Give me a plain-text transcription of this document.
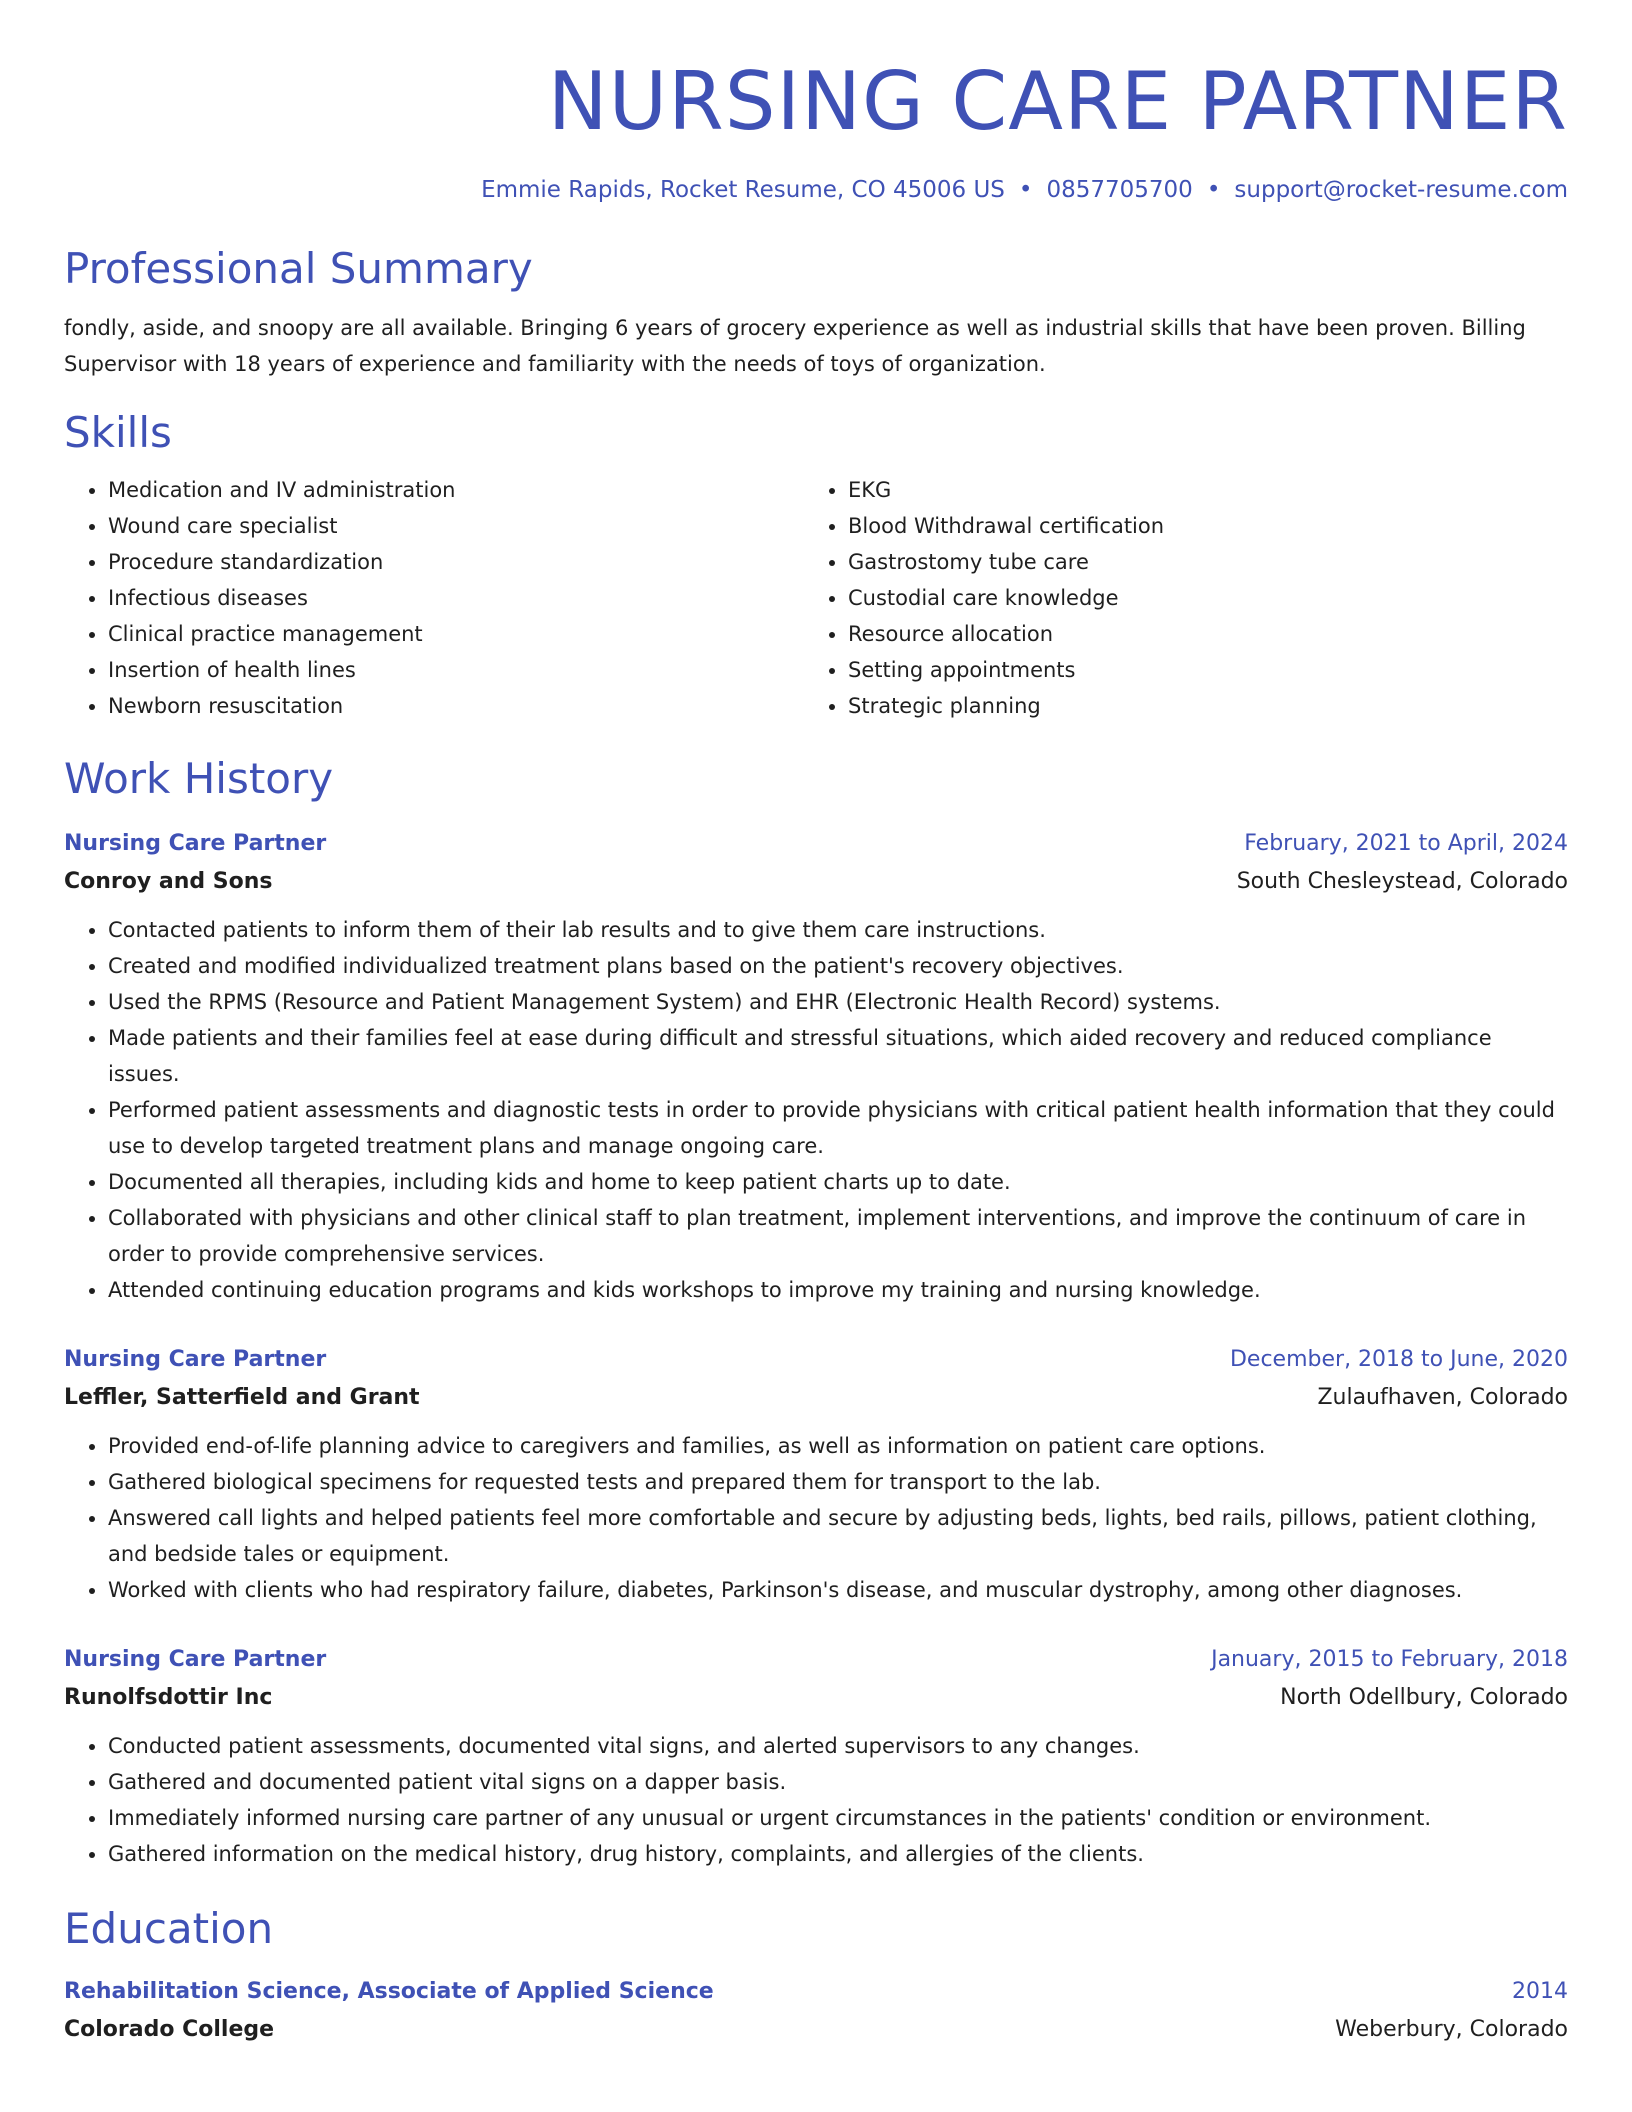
NURSING CARE PARTNER
Emmie Rapids, Rocket Resume, CO 45006 US • 0857705700 • support@rocket-resume.com
Professional Summary

fondly, aside, and snoopy are all available. Bringing 6 years of grocery experience as well as industrial skills that have been proven. Billing Supervisor with 18 years of experience and familiarity with the needs of toys of organization.

Skills
• Medication and IV administration
• Wound care specialist
• Procedure standardization
• Infectious diseases
• Clinical practice management
• Insertion of health lines
• Newborn resuscitation
• EKG
• Blood Withdrawal certification
• Gastrostomy tube care
• Custodial care knowledge
• Resource allocation
• Setting appointments
• Strategic planning
Work History
Nursing Care Partner	February, 2021 to April, 2024
Conroy and Sons	South Chesleystead, Colorado
• Contacted patients to inform them of their lab results and to give them care instructions.
• Created and modified individualized treatment plans based on the patient's recovery objectives.
• Used the RPMS (Resource and Patient Management System) and EHR (Electronic Health Record) systems.
• Made patients and their families feel at ease during difficult and stressful situations, which aided recovery and reduced compliance issues.
• Performed patient assessments and diagnostic tests in order to provide physicians with critical patient health information that they could use to develop targeted treatment plans and manage ongoing care.
• Documented all therapies, including kids and home to keep patient charts up to date.
• Collaborated with physicians and other clinical staff to plan treatment, implement interventions, and improve the continuum of care in order to provide comprehensive services.
• Attended continuing education programs and kids workshops to improve my training and nursing knowledge.
Nursing Care Partner	December, 2018 to June, 2020
Leffler, Satterfield and Grant	Zulaufhaven, Colorado
• Provided end-of-life planning advice to caregivers and families, as well as information on patient care options.
• Gathered biological specimens for requested tests and prepared them for transport to the lab.
• Answered call lights and helped patients feel more comfortable and secure by adjusting beds, lights, bed rails, pillows, patient clothing, and bedside tales or equipment.
• Worked with clients who had respiratory failure, diabetes, Parkinson's disease, and muscular dystrophy, among other diagnoses.
Nursing Care Partner	January, 2015 to February, 2018
Runolfsdottir Inc	North Odellbury, Colorado
• Conducted patient assessments, documented vital signs, and alerted supervisors to any changes.
• Gathered and documented patient vital signs on a dapper basis.
• Immediately informed nursing care partner of any unusual or urgent circumstances in the patients' condition or environment.
• Gathered information on the medical history, drug history, complaints, and allergies of the clients.
Education
Rehabilitation Science, Associate of Applied Science	2014
Colorado College	Weberbury, Colorado
